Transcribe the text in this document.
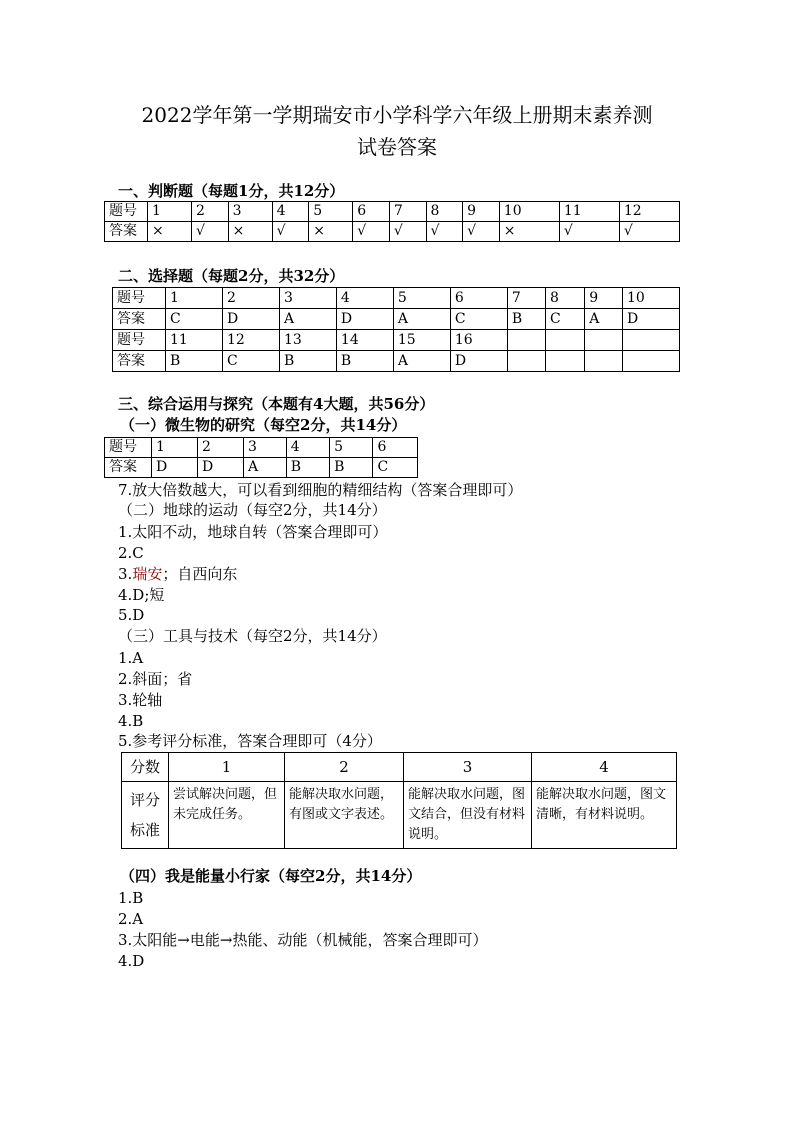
2022学年第一学期瑞安市小学科学六年级上册期末素养测
试卷答案
一、判断题（每题1分，共12分）
题号	1	2	3	4	5	6	7	8	9	10	11	12
答案	×	√	×	√	×	√	√	√	√	×	√	√
二、选择题（每题2分，共32分）
题号	1	2	3	4	5	6	7	8	9	10
答案	C	D	A	D	A	C	B	C	A	D
题号	11	12	13	14	15	16				
答案	B	C	B	B	A	D				
三、综合运用与探究（本题有4大题，共56分）
（一）微生物的研究（每空2分，共14分）
题号	1	2	3	4	5	6
答案	D	D	A	B	B	C
7.放大倍数越大，可以看到细胞的精细结构（答案合理即可）
（二）地球的运动（每空2分，共14分）
1.太阳不动，地球自转（答案合理即可）
2.C
3.瑞安；自西向东
4.D;短
5.D
（三）工具与技术（每空2分，共14分）
1.A
2.斜面；省
3.轮轴
4.B
5.参考评分标准，答案合理即可（4分）
分数	1	2	3	4

评分
标准	尝试解决问题，但未完成任务。	能解决取水问题，有图或文字表述。	能解决取水问题，图文结合，但没有材料说明。	能解决取水问题，图文清晰，有材料说明。
（四）我是能量小行家（每空2分，共14分）
1.B
2.A
3.太阳能→电能→热能、动能（机械能，答案合理即可）
4.D
